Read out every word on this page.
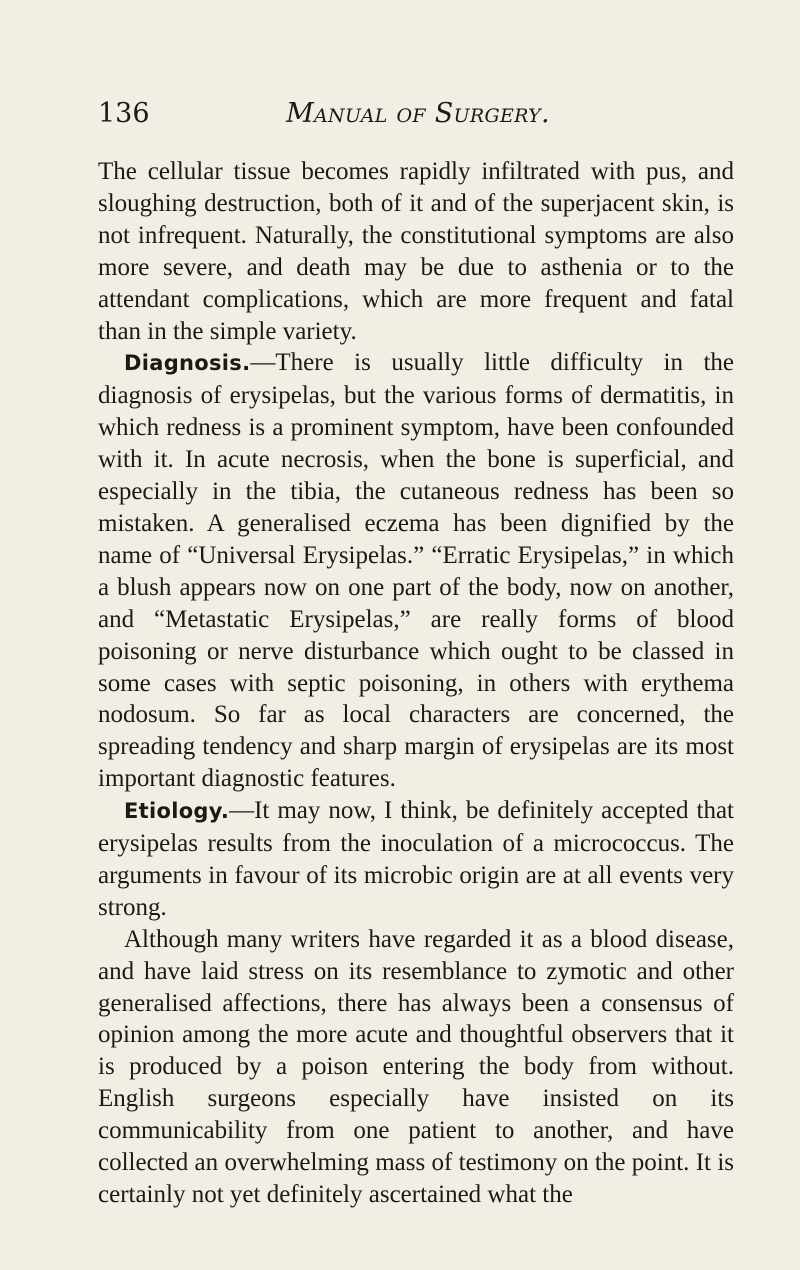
136	Manual of Surgery.

The cellular tissue becomes rapidly infiltrated with pus, and sloughing destruction, both of it and of the superjacent skin, is not infrequent. Naturally, the constitutional symptoms are also more severe, and death may be due to asthenia or to the attendant complications, which are more frequent and fatal than in the simple variety.

Diagnosis.—There is usually little difficulty in the diagnosis of erysipelas, but the various forms of dermatitis, in which redness is a prominent symptom, have been confounded with it. In acute necrosis, when the bone is superficial, and especially in the tibia, the cutaneous redness has been so mistaken. A generalised eczema has been dignified by the name of “Universal Erysipelas.” “Erratic Erysipelas,” in which a blush appears now on one part of the body, now on another, and “Metastatic Erysipelas,” are really forms of blood poisoning or nerve disturbance which ought to be classed in some cases with septic poisoning, in others with erythema nodosum. So far as local characters are concerned, the spreading tendency and sharp margin of erysipelas are its most important diagnostic features.

Etiology.—It may now, I think, be definitely accepted that erysipelas results from the inoculation of a micrococcus. The arguments in favour of its microbic origin are at all events very strong.

Although many writers have regarded it as a blood disease, and have laid stress on its resemblance to zymotic and other generalised affections, there has always been a consensus of opinion among the more acute and thoughtful observers that it is produced by a poison entering the body from without. English surgeons especially have insisted on its communicability from one patient to another, and have collected an overwhelming mass of testimony on the point. It is certainly not yet definitely ascertained what the
